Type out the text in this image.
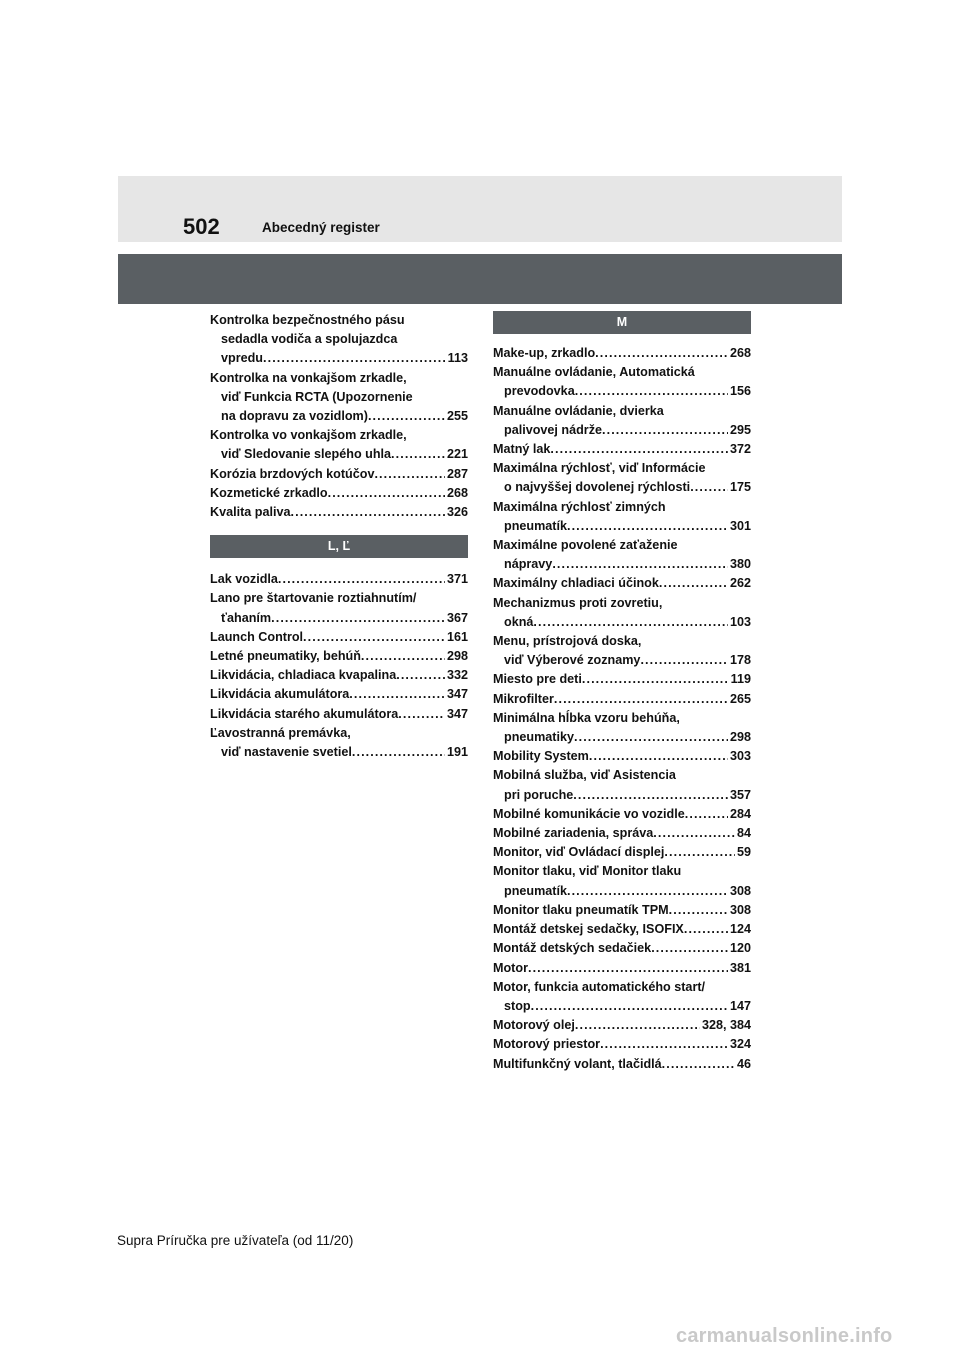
502	Abecedný register
Kontrolka bezpečnostného pásu
sedadla vodiča a spolujazdca
vpredu . . .	113
Kontrolka na vonkajšom zrkadle,
viď Funkcia RCTA (Upozornenie
na dopravu za vozidlom) . . .	255
Kontrolka vo vonkajšom zrkadle,
viď Sledovanie slepého uhla . . .	221
Korózia brzdových kotúčov . . .	287
Kozmetické zrkadlo . . .	268
Kvalita paliva . . .	326
L, Ľ
Lak vozidla . . .	371
Lano pre štartovanie roztiahnutím/
ťahaním . . .	367
Launch Control . . .	161
Letné pneumatiky, behúň . . .	298
Likvidácia, chladiaca kvapalina . . .	332
Likvidácia akumulátora . . .	347
Likvidácia starého akumulátora . . .	347
Ľavostranná premávka,
viď nastavenie svetiel . . .	191
M
Make-up, zrkadlo . . .	268
Manuálne ovládanie, Automatická
prevodovka . . .	156
Manuálne ovládanie, dvierka
palivovej nádrže . . .	295
Matný lak . . .	372
Maximálna rýchlosť, viď Informácie
o najvyššej dovolenej rýchlosti . . .	175
Maximálna rýchlosť zimných
pneumatík . . .	301
Maximálne povolené zaťaženie
nápravy . . .	380
Maximálny chladiaci účinok . . .	262
Mechanizmus proti zovretiu,
okná . . .	103
Menu, prístrojová doska,
viď Výberové zoznamy . . .	178
Miesto pre deti . . .	119
Mikrofilter . . .	265
Minimálna hĺbka vzoru behúňa,
pneumatiky . . .	298
Mobility System . . .	303
Mobilná služba, viď Asistencia
pri poruche . . .	357
Mobilné komunikácie vo vozidle . . .	284
Mobilné zariadenia, správa . . .	84
Monitor, viď Ovládací displej . . .	59
Monitor tlaku, viď Monitor tlaku
pneumatík . . .	308
Monitor tlaku pneumatík TPM . . .	308
Montáž detskej sedačky, ISOFIX . . .	124
Montáž detských sedačiek . . .	120
Motor . . .	381
Motor, funkcia automatického start/
stop . . .	147
Motorový olej . . .	328, 384
Motorový priestor . . .	324
Multifunkčný volant, tlačidlá . . .	46
Supra Príručka pre užívateľa (od 11/20)
carmanualsonline.info
